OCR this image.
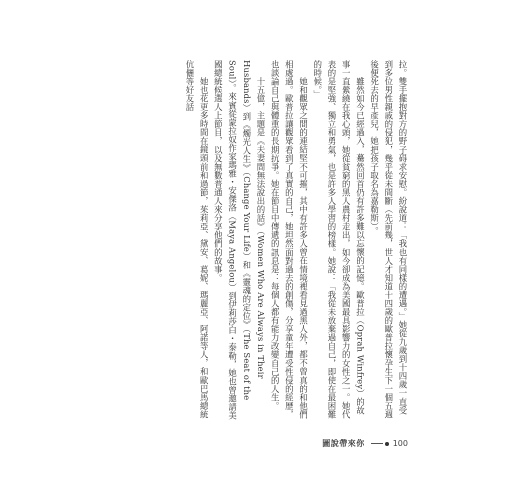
拉。雙手擺抱對方的野子碍求安慰。紛說道：「我也有同樣的遭遇。」她從九歲到十四歲一直受到多位男性親戚的侵犯，幾乎從未間斷（先前幾，世人才知道十四歲的歐普拉懷孕生下一個五週後便死去的早產兒，她把孩子取名為嘉勒斯）。

雖然如今已經過入，驀然回首仍有許多難以忘懷的記憶。歐普拉（Oprah Winfrey）的故事一直縈繞在我心頭，她從貧窮的黑人農村走出，如今卻成為美國最具影響力的女性之一。她代表的是堅強、獨立和勇氣，也是許多人學習的榜樣。她說：「我從未放棄過自己，即使在最困難的時候。」

她和觀眾之間的連結堅不可摧，其中有許多人曾在情境裡看見過黑人外，都不曾真的和他們相處過。歐普拉讓觀眾看到了真實的自己，她坦然面對過去的創傷，分享童年遭受性侵的經歷，也談論自己與體重的長期抗爭。她在節目中傳遞的訊息是：每個人都有能力改變自己的人生。

十五億，主題是《夫妻間無法說出的話》（Women Who Are Always in Their Husbands）到《燭光人生》（Change Your Life）和《靈魂的定位》（The Seat of the Soul）。來賓從蒙拉奴作家瑪雅・安傑洛（Maya Angelou）到伊莉莎白・泰勒，她也曾邀請美國總統候選人上節目，以及無數普通人來分享他們的故事。

她也花更多時間在鏡頭前和過節，茱莉亞、黛安、葛妮、瑪麗亞、阿諾等人，和歐巴馬總統伉儷等好友話

圖說帶來你	100
